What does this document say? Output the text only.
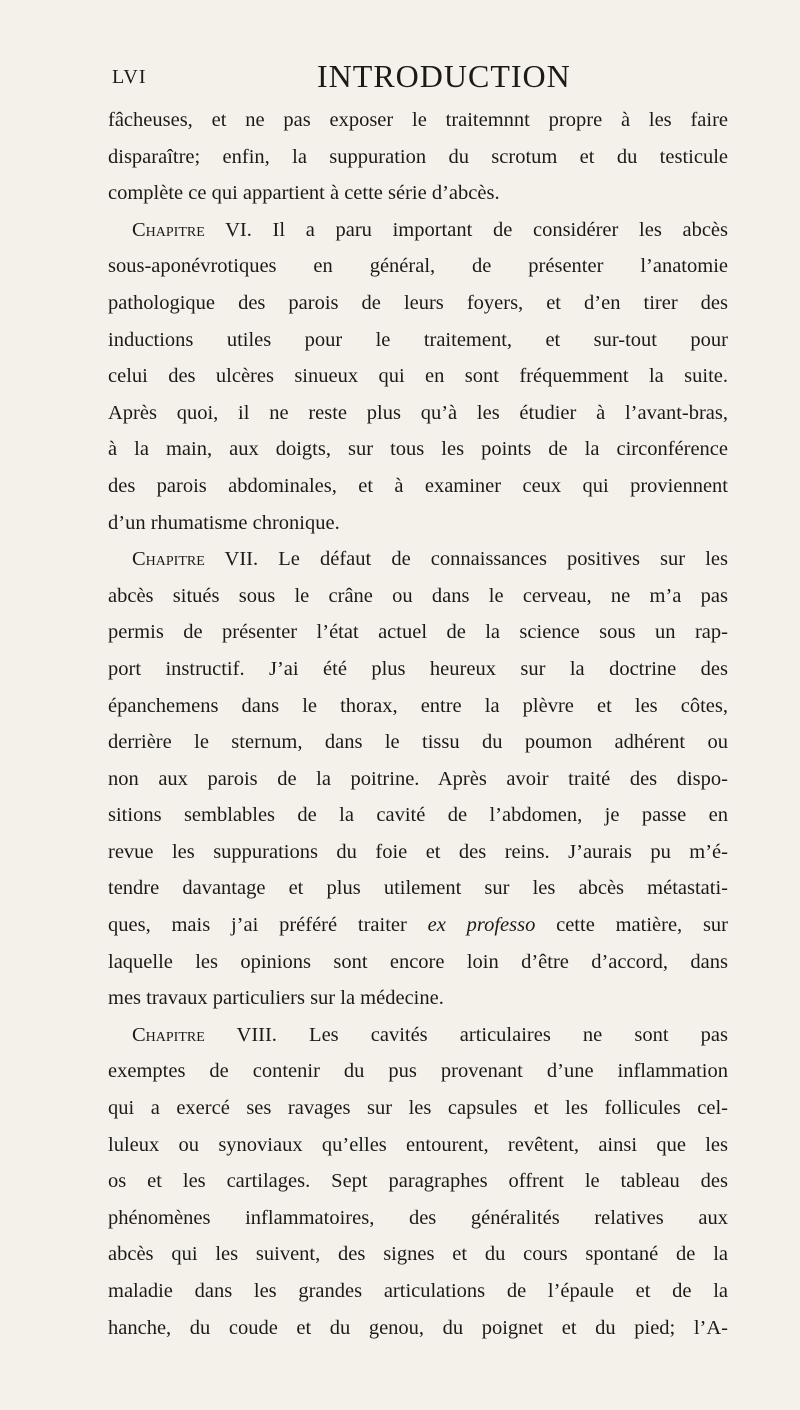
LVI	INTRODUCTION
fâcheuses, et ne pas exposer le traitemnnt propre à les faire
disparaître; enfin, la suppuration du scrotum et du testicule
complète ce qui appartient à cette série d’abcès.
Chapitre VI. Il a paru important de considérer les abcès
sous-aponévrotiques en général, de présenter l’anatomie
pathologique des parois de leurs foyers, et d’en tirer des
inductions utiles pour le traitement, et sur-tout pour
celui des ulcères sinueux qui en sont fréquemment la suite.
Après quoi, il ne reste plus qu’à les étudier à l’avant-bras,
à la main, aux doigts, sur tous les points de la circonférence
des parois abdominales, et à examiner ceux qui proviennent
d’un rhumatisme chronique.
Chapitre VII. Le défaut de connaissances positives sur les
abcès situés sous le crâne ou dans le cerveau, ne m’a pas
permis de présenter l’état actuel de la science sous un rap-
port instructif. J’ai été plus heureux sur la doctrine des
épanchemens dans le thorax, entre la plèvre et les côtes,
derrière le sternum, dans le tissu du poumon adhérent ou
non aux parois de la poitrine. Après avoir traité des dispo-
sitions semblables de la cavité de l’abdomen, je passe en
revue les suppurations du foie et des reins. J’aurais pu m’é-
tendre davantage et plus utilement sur les abcès métastati-
ques, mais j’ai préféré traiter ex professo cette matière, sur
laquelle les opinions sont encore loin d’être d’accord, dans
mes travaux particuliers sur la médecine.
Chapitre VIII. Les cavités articulaires ne sont pas
exemptes de contenir du pus provenant d’une inflammation
qui a exercé ses ravages sur les capsules et les follicules cel-
luleux ou synoviaux qu’elles entourent, revêtent, ainsi que les
os et les cartilages. Sept paragraphes offrent le tableau des
phénomènes inflammatoires, des généralités relatives aux
abcès qui les suivent, des signes et du cours spontané de la
maladie dans les grandes articulations de l’épaule et de la
hanche, du coude et du genou, du poignet et du pied; l’A-
